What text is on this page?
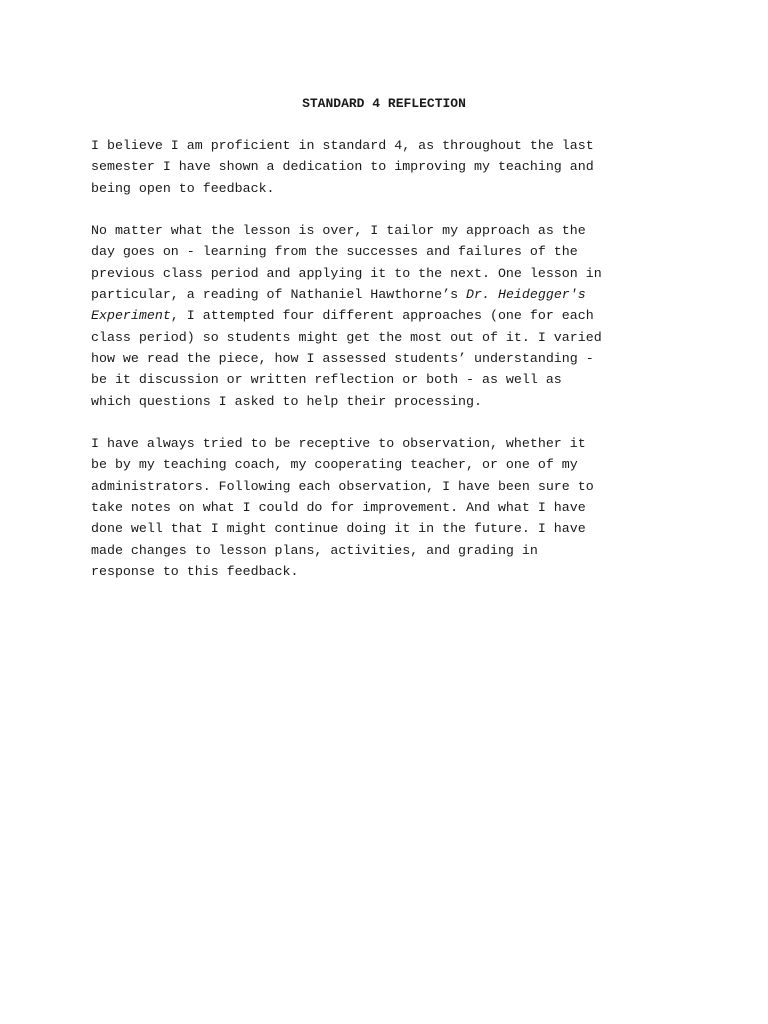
STANDARD 4 REFLECTION

I believe I am proficient in standard 4, as throughout the last
semester I have shown a dedication to improving my teaching and
being open to feedback.

No matter what the lesson is over, I tailor my approach as the
day goes on - learning from the successes and failures of the
previous class period and applying it to the next. One lesson in
particular, a reading of Nathaniel Hawthorne’s Dr. Heidegger's
Experiment, I attempted four different approaches (one for each
class period) so students might get the most out of it. I varied
how we read the piece, how I assessed students’ understanding -
be it discussion or written reflection or both - as well as
which questions I asked to help their processing.

I have always tried to be receptive to observation, whether it
be by my teaching coach, my cooperating teacher, or one of my
administrators. Following each observation, I have been sure to
take notes on what I could do for improvement. And what I have
done well that I might continue doing it in the future. I have
made changes to lesson plans, activities, and grading in
response to this feedback.
